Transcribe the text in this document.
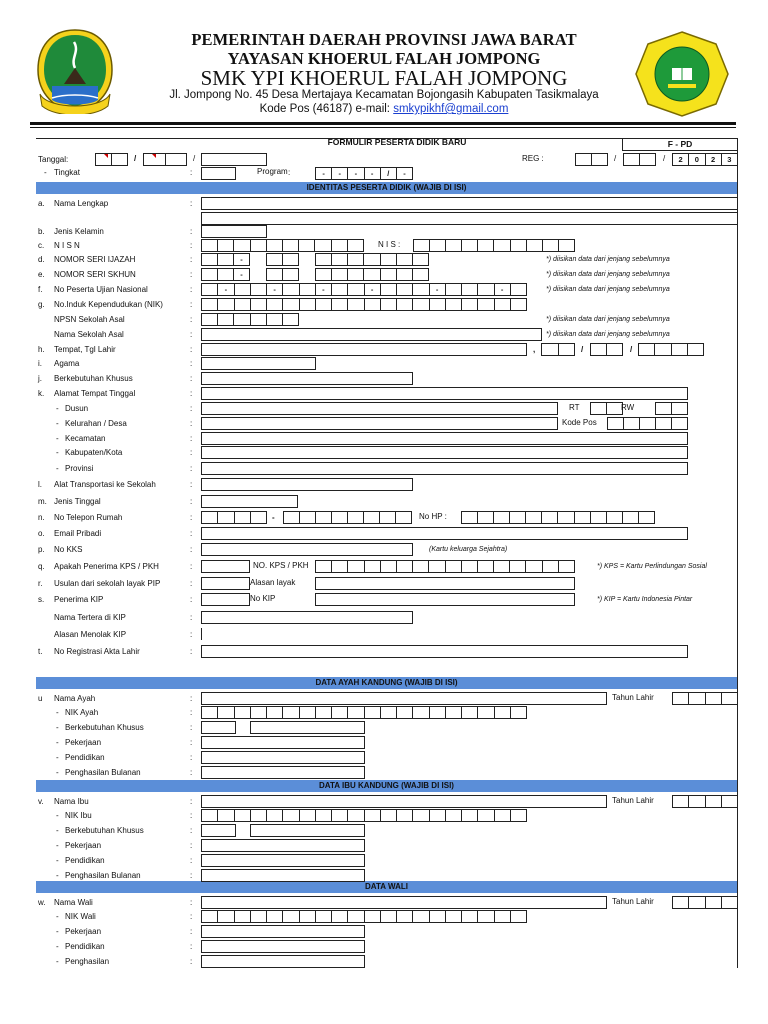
PEMERINTAH DAERAH PROVINSI JAWA BARAT
YAYASAN KHOERUL FALAH JOMPONG
SMK YPI KHOERUL FALAH JOMPONG
Jl. Jompong No. 45 Desa Mertajaya Kecamatan Bojongasih Kabupaten Tasikmalaya
Kode Pos (46187) e-mail: smkypikhf@gmail.com
FORMULIR PESERTA DIDIK BARU	F - PD
Tanggal:	/	/	REG :	/	/	2	0	2	3
- Tingkat	:	Program :	-	-	-	-	/	-
IDENTITAS PESERTA DIDIK (WAJIB DI ISI)
DATA AYAH KANDUNG (WAJIB DI ISI)
DATA IBU KANDUNG (WAJIB DI ISI)
DATA WALI
a. Nama Lengkap	:
b. Jenis Kelamin	:
c. N I S N	:	N I S :
d. NOMOR SERI IJAZAH	:	-	*) diisikan data dari jenjang sebelumnya
e. NOMOR SERI SKHUN	:	-	*) diisikan data dari jenjang sebelumnya
f. No Peserta Ujian Nasional	:	-	-	-	-	-	-	*) diisikan data dari jenjang sebelumnya
g. No.Induk Kependudukan (NIK)	:
NPSN Sekolah Asal	:	*) diisikan data dari jenjang sebelumnya
Nama Sekolah Asal	:	*) diisikan data dari jenjang sebelumnya
h. Tempat, Tgl Lahir	:	,	/	/
i. Agama	:
j. Berkebutuhan Khusus	:
k. Alamat Tempat Tinggal	:
- Dusun	:	RT	RW
- Kelurahan / Desa	:	Kode Pos
- Kecamatan	:
- Kabupaten/Kota	:
- Provinsi	:
l. Alat Transportasi ke Sekolah	:
m. Jenis Tinggal	:
n. No Telepon Rumah	:	-	No HP :
o. Email Pribadi	:
p. No KKS	:	(Kartu keluarga Sejahtra)
q. Apakah Penerima KPS / PKH	:	NO. KPS / PKH	*) KPS = Kartu Perlindungan Sosial
r. Usulan dari sekolah layak PIP	:	Alasan layak
s. Penerima KIP	:	No KIP	*) KIP = Kartu Indonesia Pintar
Nama Tertera di KIP	:
Alasan Menolak KIP	:
t. No Registrasi Akta Lahir	:
u Nama Ayah	:	Tahun Lahir
- NIK Ayah	:
- Berkebutuhan Khusus	:
- Pekerjaan	:
- Pendidikan	:
- Penghasilan Bulanan	:
v. Nama Ibu	:	Tahun Lahir
- NIK Ibu	:
- Berkebutuhan Khusus	:
- Pekerjaan	:
- Pendidikan	:
- Penghasilan Bulanan	:
w. Nama Wali	:	Tahun Lahir
- NIK Wali	:
- Pekerjaan	:
- Pendidikan	:
- Penghasilan	:
